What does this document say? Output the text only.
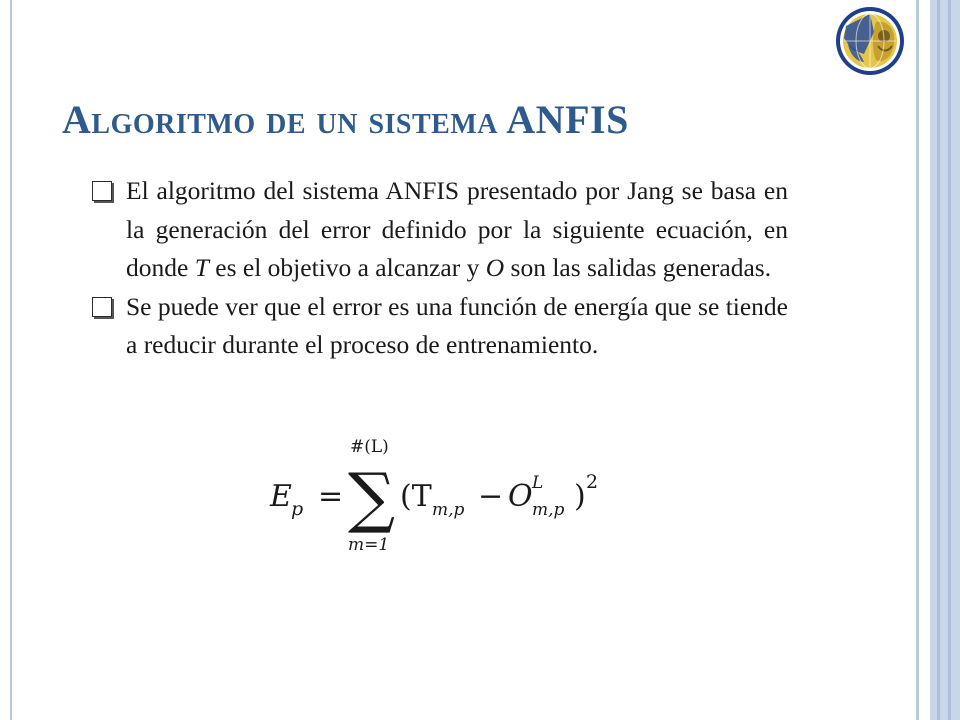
Algoritmo de un sistema ANFIS
El algoritmo del sistema ANFIS presentado por Jang se basa en la generación del error definido por la siguiente ecuación, en donde T es el objetivo a alcanzar y O son las salidas generadas.
Se puede ver que el error es una función de energía que se tiende a reducir durante el proceso de entrenamiento.
E p =
#(L)
∑
m=1
(T m,p − O L
m,p ) 2
